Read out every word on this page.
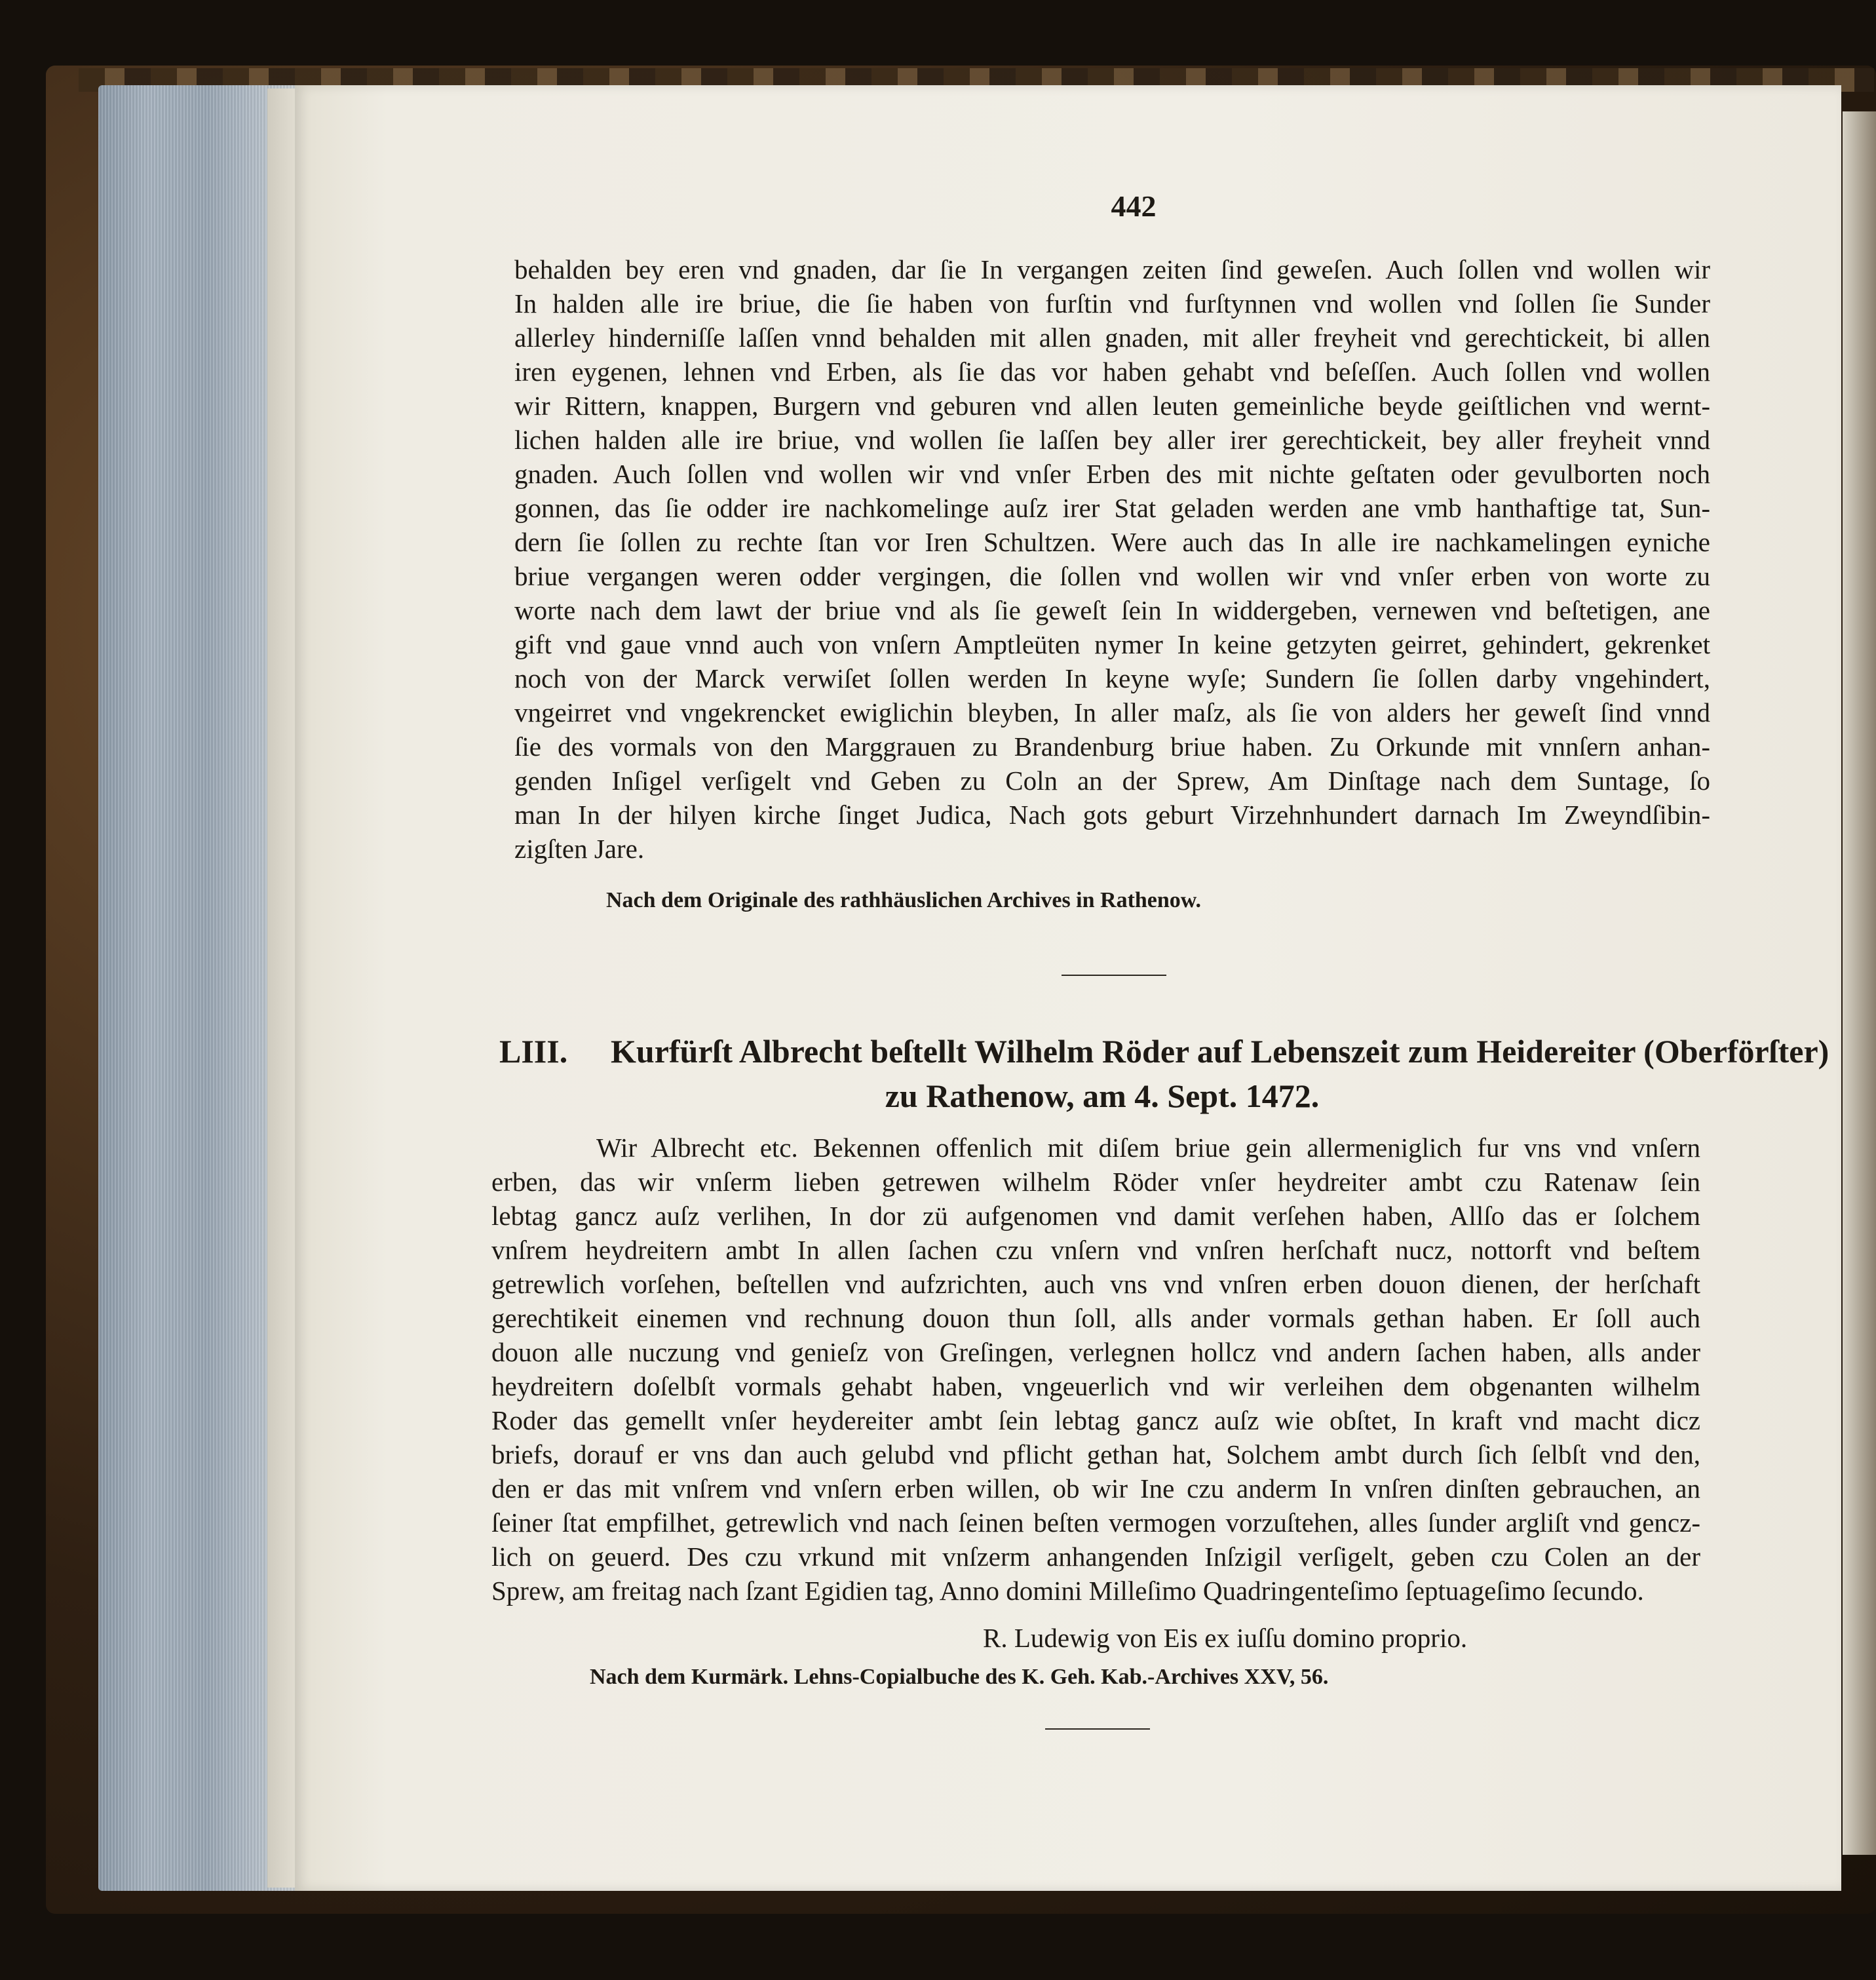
442
behalden bey eren vnd gnaden, dar ſie In vergangen zeiten ſind geweſen. Auch ſollen vnd wollen wir
In halden alle ire briue, die ſie haben von furſtin vnd furſtynnen vnd wollen vnd ſollen ſie Sunder
allerley hinderniſſe laſſen vnnd behalden mit allen gnaden, mit aller freyheit vnd gerechtickeit, bi allen
iren eygenen, lehnen vnd Erben, als ſie das vor haben gehabt vnd beſeſſen. Auch ſollen vnd wollen
wir Rittern, knappen, Burgern vnd geburen vnd allen leuten gemeinliche beyde geiſtlichen vnd wernt-
lichen halden alle ire briue, vnd wollen ſie laſſen bey aller irer gerechtickeit, bey aller freyheit vnnd
gnaden. Auch ſollen vnd wollen wir vnd vnſer Erben des mit nichte geſtaten oder gevulborten noch
gonnen, das ſie odder ire nachkomelinge auſz irer Stat geladen werden ane vmb hanthaftige tat, Sun-
dern ſie ſollen zu rechte ſtan vor Iren Schultzen. Were auch das In alle ire nachkamelingen eyniche
briue vergangen weren odder vergingen, die ſollen vnd wollen wir vnd vnſer erben von worte zu
worte nach dem lawt der briue vnd als ſie geweſt ſein In widdergeben, vernewen vnd beſtetigen, ane
gift vnd gaue vnnd auch von vnſern Amptleüten nymer In keine getzyten geirret, gehindert, gekrenket
noch von der Marck verwiſet ſollen werden In keyne wyſe; Sundern ſie ſollen darby vngehindert,
vngeirret vnd vngekrencket ewiglichin bleyben, In aller maſz, als ſie von alders her geweſt ſind vnnd
ſie des vormals von den Marggrauen zu Brandenburg briue haben. Zu Orkunde mit vnnſern anhan-
genden Inſigel verſigelt vnd Geben zu Coln an der Sprew, Am Dinſtage nach dem Suntage, ſo
man In der hilyen kirche ſinget Judica, Nach gots geburt Virzehnhundert darnach Im Zweyndſibin-
zigſten Jare.
Nach dem Originale des rathhäuslichen Archives in Rathenow.
LIII. Kurfürſt Albrecht beſtellt Wilhelm Röder auf Lebenszeit zum Heidereiter (Oberförſter)
zu Rathenow, am 4. Sept. 1472.
Wir Albrecht etc. Bekennen offenlich mit diſem briue gein allermeniglich fur vns vnd vnſern
erben, das wir vnſerm lieben getrewen wilhelm Röder vnſer heydreiter ambt czu Ratenaw ſein
lebtag gancz auſz verlihen, In dor zü aufgenomen vnd damit verſehen haben, Allſo das er ſolchem
vnſrem heydreitern ambt In allen ſachen czu vnſern vnd vnſren herſchaft nucz, nottorft vnd beſtem
getrewlich vorſehen, beſtellen vnd aufzrichten, auch vns vnd vnſren erben douon dienen, der herſchaft
gerechtikeit einemen vnd rechnung douon thun ſoll, alls ander vormals gethan haben. Er ſoll auch
douon alle nuczung vnd genieſz von Greſingen, verlegnen hollcz vnd andern ſachen haben, alls ander
heydreitern doſelbſt vormals gehabt haben, vngeuerlich vnd wir verleihen dem obgenanten wilhelm
Roder das gemellt vnſer heydereiter ambt ſein lebtag gancz auſz wie obſtet, In kraft vnd macht dicz
briefs, dorauf er vns dan auch gelubd vnd pflicht gethan hat, Solchem ambt durch ſich ſelbſt vnd den,
den er das mit vnſrem vnd vnſern erben willen, ob wir Ine czu anderm In vnſren dinſten gebrauchen, an
ſeiner ſtat empfilhet, getrewlich vnd nach ſeinen beſten vermogen vorzuſtehen, alles ſunder argliſt vnd gencz-
lich on geuerd. Des czu vrkund mit vnſzerm anhangenden Inſzigil verſigelt, geben czu Colen an der
Sprew, am freitag nach ſzant Egidien tag, Anno domini Milleſimo Quadringenteſimo ſeptuageſimo ſecundo.
R. Ludewig von Eis ex iuſſu domino proprio.
Nach dem Kurmärk. Lehns-Copialbuche des K. Geh. Kab.-Archives XXV, 56.
